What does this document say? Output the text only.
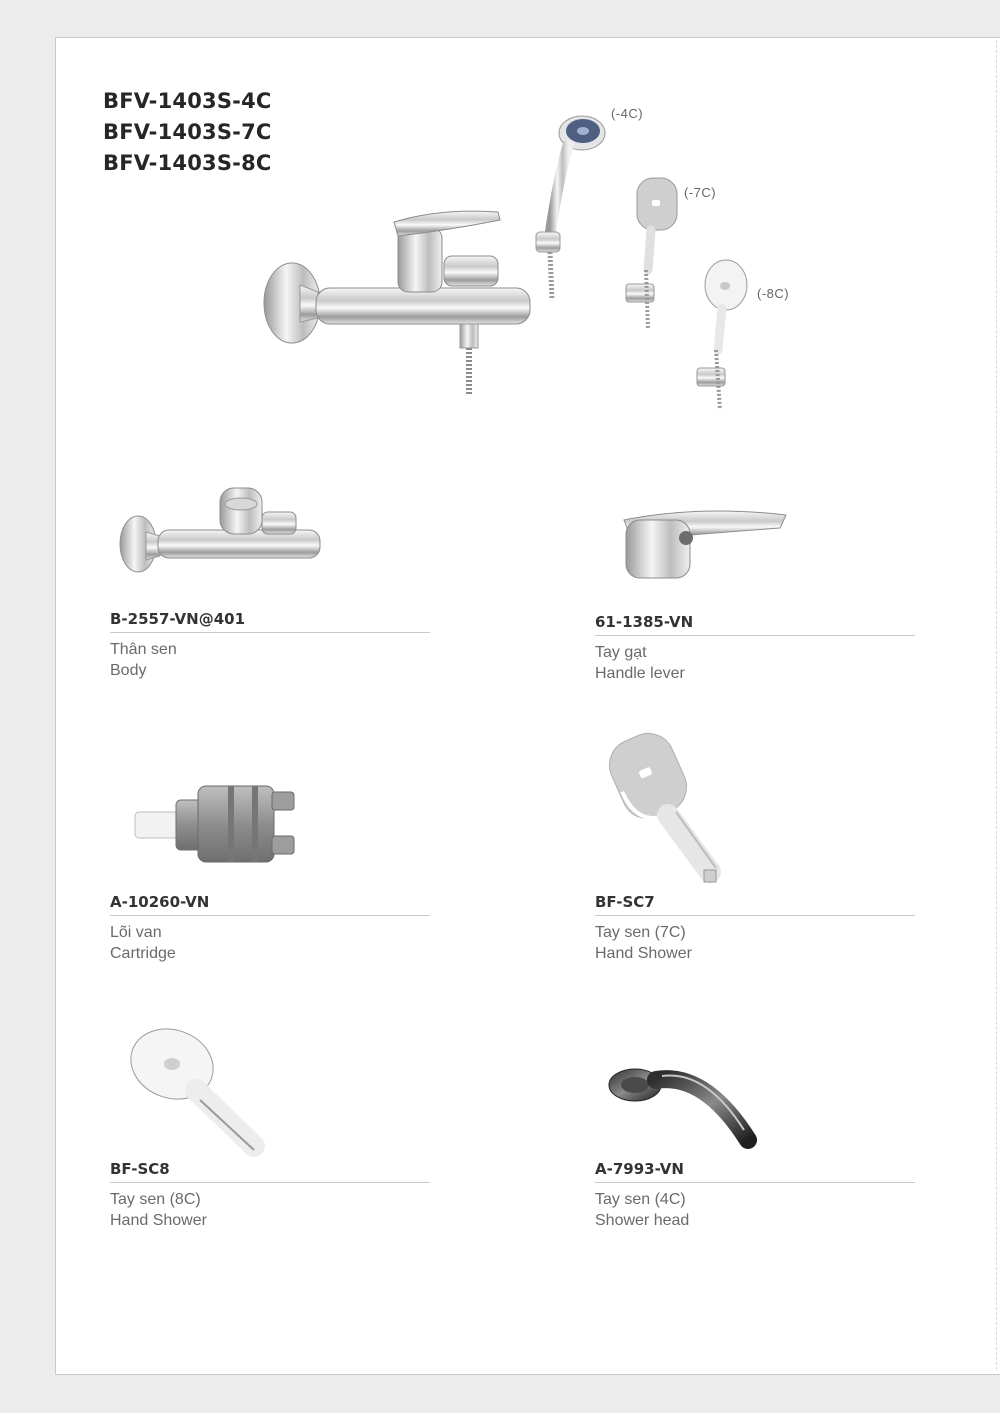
BFV-1403S-4C
BFV-1403S-7C
BFV-1403S-8C
(-4C)
(-7C)
(-8C)
B-2557-VN@401
Thân sen
Body
61-1385-VN
Tay gạt
Handle lever
A-10260-VN
Lõi van
Cartridge
BF-SC7
Tay sen (7C)
Hand Shower
BF-SC8
Tay sen (8C)
Hand Shower
A-7993-VN
Tay sen (4C)
Shower head
